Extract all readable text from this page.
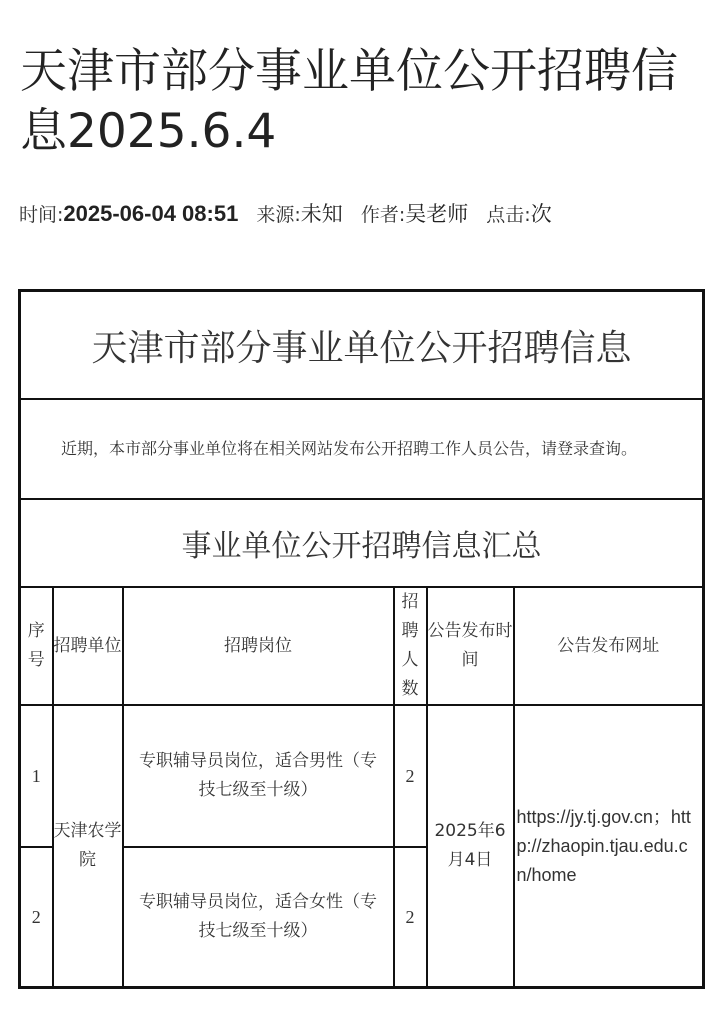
天津市部分事业单位公开招聘信息2025.6.4
时间:2025-06-04 08:51 来源:未知 作者:吴老师 点击:次
天津市部分事业单位公开招聘信息					

近期，本市部分事业单位将在相关网站发布公开招聘工作人员公告，请登录查询。					

事业单位公开招聘信息汇总					
序号	招聘单位	招聘岗位	招聘人数	公告发布时间	公告发布网址
1	天津农学院	专职辅导员岗位，适合男性（专技七级至十级）	2	2025年6月4日	https://jy.tj.gov.cn；http://zhaopin.tjau.edu.cn/home
2		专职辅导员岗位，适合女性（专技七级至十级）	2		
